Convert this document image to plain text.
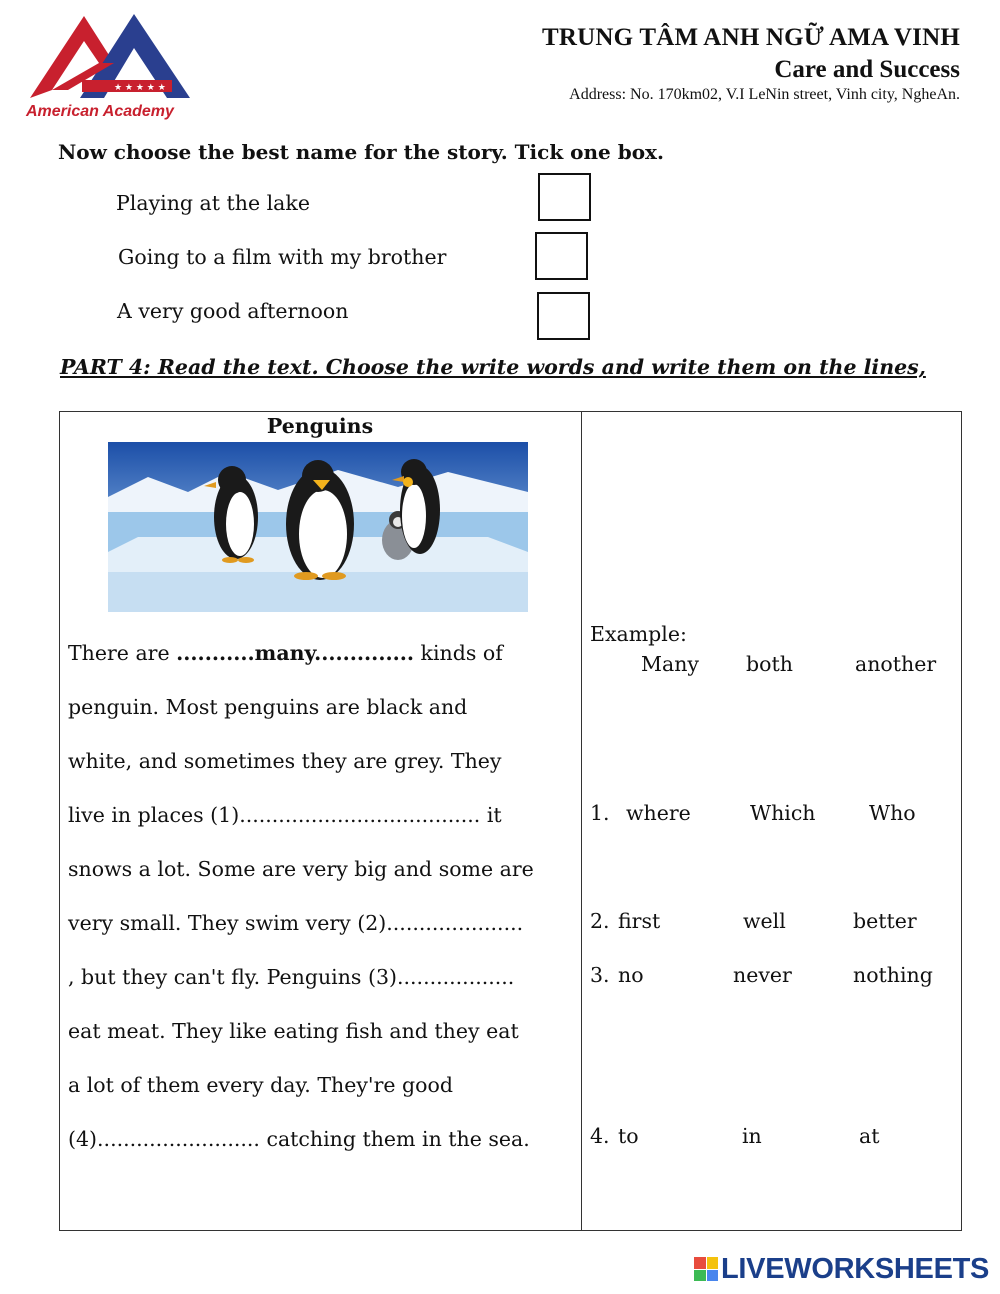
★ ★ ★ ★ ★
American Academy
TRUNG TÂM ANH NGỮ AMA VINH
Care and Success
Address: No. 170km02, V.I LeNin street, Vinh city, NgheAn.
Now choose the best name for the story. Tick one box.
Playing at the lake
Going to a film with my brother
A very good afternoon
PART 4: Read the text. Choose the write words and write them on the lines,
Penguins
There are ...........many.............. kinds of
penguin. Most penguins are black and
white, and sometimes they are grey. They
live in places (1)..................................... it
snows a lot. Some are very big and some are
very small. They swim very (2).....................
, but they can't fly. Penguins (3)..................
eat meat. They like eating fish and they eat
a lot of them every day. They're good
(4)......................... catching them in the sea.
Example:
Many both	another
1. where	Which	Who
2. first	well	better
3. no	never	nothing
4. to	in	at
LIVEWORKSHEETS
